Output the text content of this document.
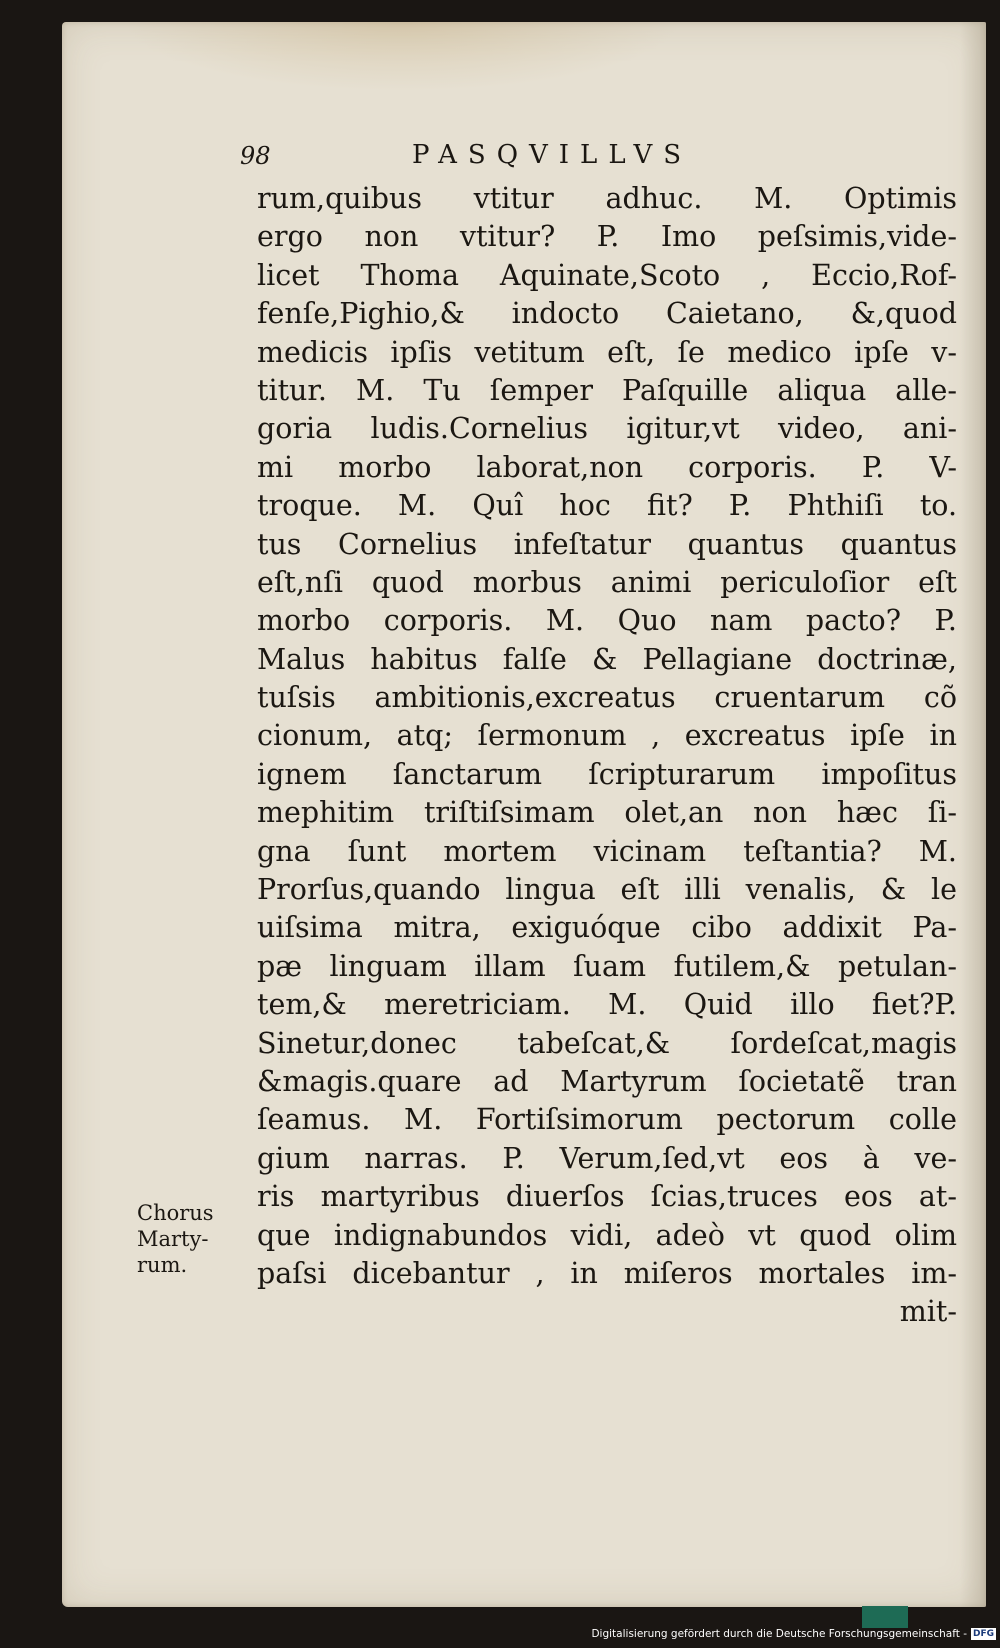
98	PASQVILLVS
rum,quibus vtitur adhuc. M. Optimis
ergo non vtitur? P. Imo peſsimis,vide-
licet Thoma Aquinate,Scoto , Eccio,Rof-
fenſe,Pighio,& indocto Caietano, &,quod
medicis ipſis vetitum eſt, ſe medico ipſe v-
titur. M. Tu ſemper Paſquille aliqua alle-
goria ludis.Cornelius igitur,vt video, ani-
mi morbo laborat,non corporis. P. V-
troque. M. Quî hoc fit? P. Phthiſi to.
tus Cornelius infeſtatur quantus quantus
eſt,nſi quod morbus animi periculoſior eſt
morbo corporis. M. Quo nam pacto? P.
Malus habitus falſe & Pellagiane doctrinæ,
tuſsis ambitionis,excreatus cruentarum cõ
cionum, atq; ſermonum , excreatus ipſe in
ignem ſanctarum ſcripturarum impoſitus
mephitim triſtiſsimam olet,an non hæc ſi-
gna ſunt mortem vicinam teſtantia? M.
Prorſus,quando lingua eſt illi venalis, & le
uiſsima mitra, exiguóque cibo addixit Pa-
pæ linguam illam ſuam futilem,& petulan-
tem,& meretriciam. M. Quid illo fiet?P.
Sinetur,donec tabeſcat,& ſordeſcat,magis
&magis.quare ad Martyrum ſocietatẽ tran
ſeamus. M. Fortiſsimorum pectorum colle
gium narras. P. Verum,ſed,vt eos à ve-
ris martyribus diuerſos ſcias,truces eos at-
que indignabundos vidi, adeò vt quod olim
paſsi dicebantur , in miſeros mortales im-
mit-
Chorus
Marty-
rum.
Digitalisierung gefördert durch die Deutsche Forschungsgemeinschaft - DFG
